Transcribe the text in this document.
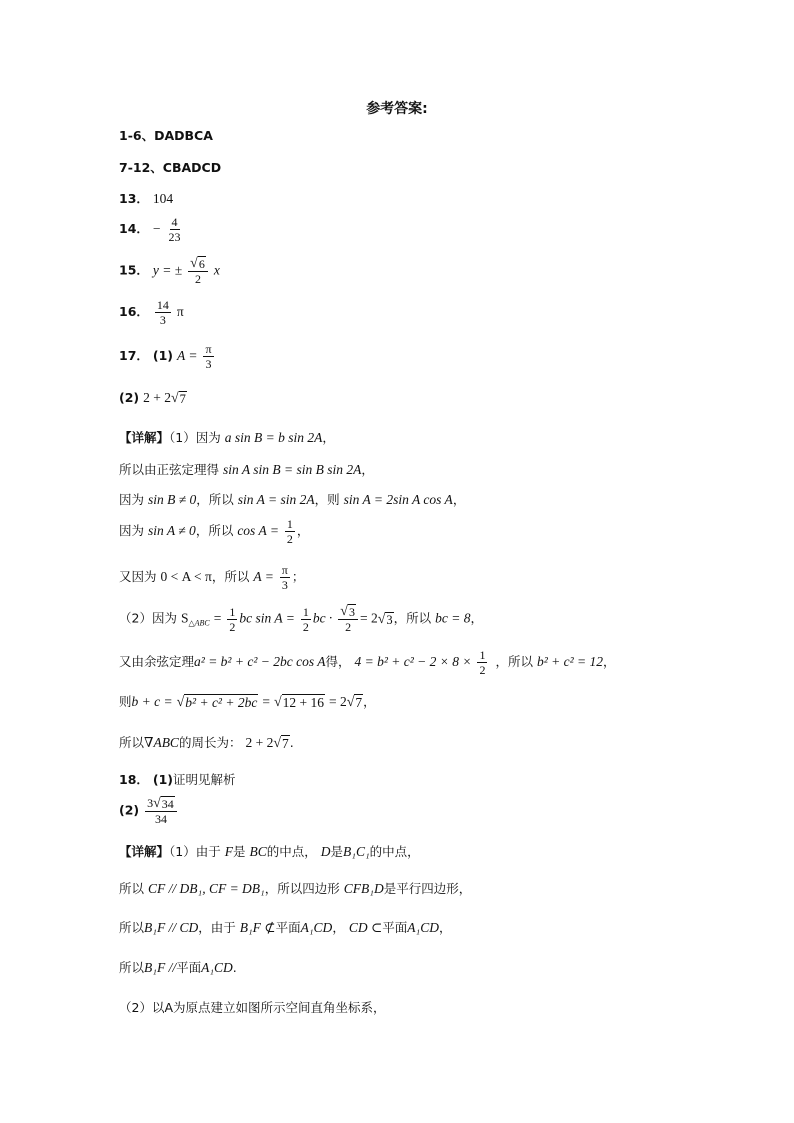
参考答案:
1-6、DADBCA
7-12、CBADCD
13． 104
14． − $\frac{4}{23}$
15． y = ± $\frac{√ 6}{2}$ x
16． $\frac{14}{3}$ π
17． (1) $A = \frac{\pi}{3}$
(2) 2 + 2 √ 7
【详解】（1）因为 a sin B = b sin 2A，
所以由正弦定理得 sin A sin B = sin B sin 2A，
因为 sin B ≠ 0，所以 sin A = sin 2A，则 sin A = 2sin A cos A，
因为 sin A ≠ 0，所以 $\cos A = \frac{1}{2}$ ，
又因为 0 < A < π，所以 $A = \frac{\pi}{3}$ ；
（2）因为 $S_{\triangle ABC} = \frac{1}{2}$ bc $\sin A = \frac{1}{2}$ bc · $\frac{√ 3}{2} = 2$ √ 3 ，所以 bc = 8，
又由余弦定理a² = b² + c² − 2bc cos A得， $4 = b^2 + c^2 - 2 \times 8 \times \frac{1}{2}$ ，所以 b² + c² = 12，
则b + c = √ b² + c² + 2bc = √ 12 + 16 = 2 √ 7 ，
所以∇ABC的周长为： 2 + 2 √ 7 .
18． (1)证明见解析
$(2) \frac{3 √ 34}{34}$
【详解】（1）由于 F是 BC的中点， D是B₁C₁的中点，
所以 CF // DB₁, CF = DB₁，所以四边形 CFB₁D是平行四边形，
所以B₁F // CD，由于 B₁F ⊄平面A₁CD， CD ⊂平面A₁CD，
所以B₁F //平面A₁CD.
（2）以A为原点建立如图所示空间直角坐标系，
